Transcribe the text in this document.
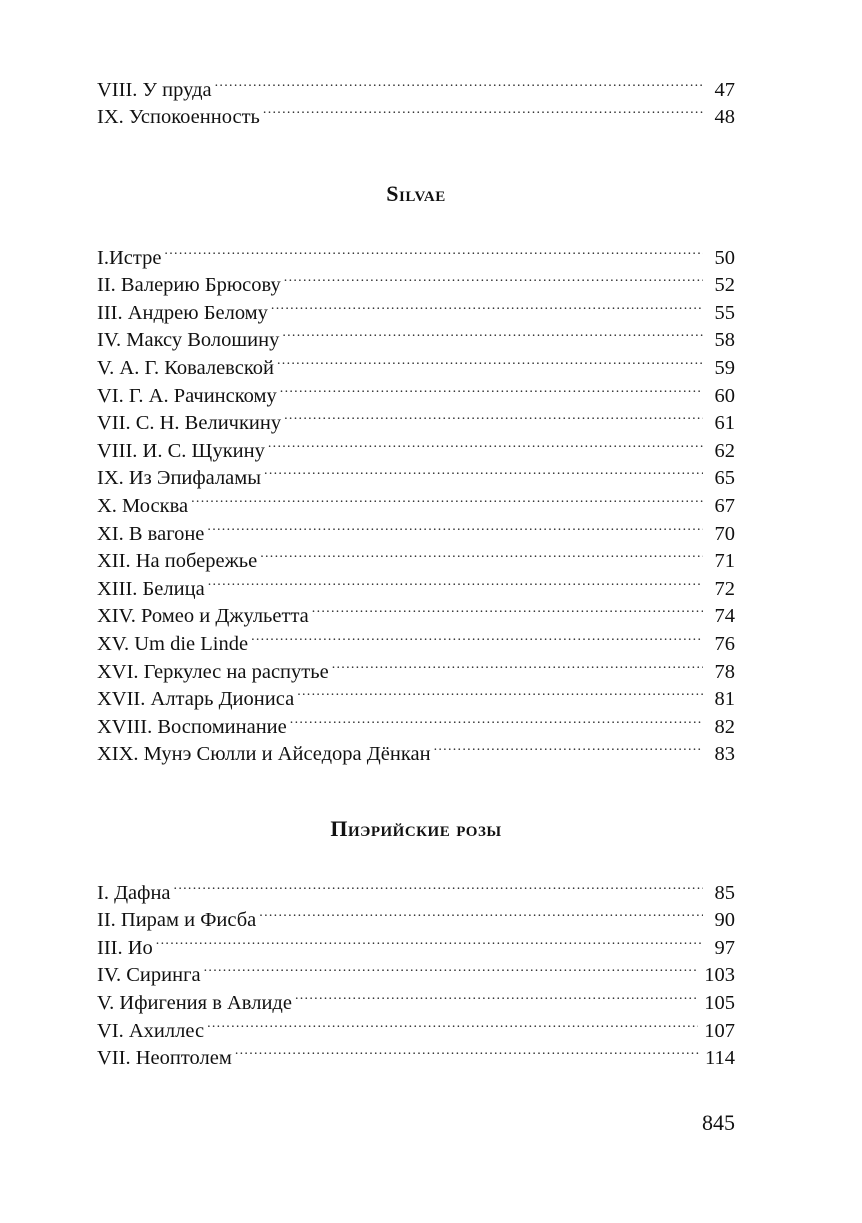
VIII. У пруда .....	47
IX. Успокоенность .....	48
Silvae
I.Истре .....	50
II. Валерию Брюсову .....	52
III. Андрею Белому .....	55
IV. Максу Волошину .....	58
V. А. Г. Ковалевской .....	59
VI. Г. А. Рачинскому .....	60
VII. С. Н. Величкину .....	61
VIII. И. С. Щукину .....	62
IX. Из Эпифаламы .....	65
X. Москва .....	67
XI. В вагоне .....	70
XII. На побережье .....	71
XIII. Белица .....	72
XIV. Ромео и Джульетта .....	74
XV. Um die Linde .....	76
XVI. Геркулес на распутье .....	78
XVII. Алтарь Диониса .....	81
XVIII. Воспоминание .....	82
XIX. Мунэ Сюлли и Айседора Дёнкан .....	83
Пиэрийские розы
I. Дафна .....	85
II. Пирам и Фисба .....	90
III. Ио .....	97
IV. Сиринга .....	103
V. Ифигения в Авлиде .....	105
VI. Ахиллес .....	107
VII. Неоптолем .....	114
845
